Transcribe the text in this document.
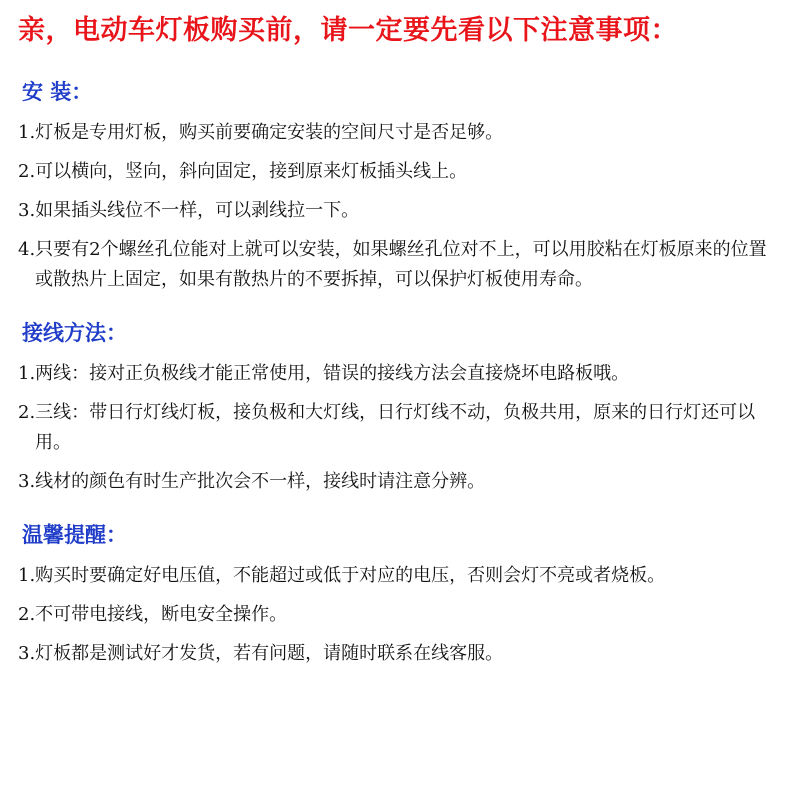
亲，电动车灯板购买前，请一定要先看以下注意事项：
安 装：
1.灯板是专用灯板，购买前要确定安装的空间尺寸是否足够。
2.可以横向，竖向，斜向固定，接到原来灯板插头线上。
3.如果插头线位不一样，可以剥线拉一下。
4.只要有2个螺丝孔位能对上就可以安装，如果螺丝孔位对不上，可以用胶粘在灯板原来的位置或散热片上固定，如果有散热片的不要拆掉，可以保护灯板使用寿命。
接线方法：
1.两线：接对正负极线才能正常使用，错误的接线方法会直接烧坏电路板哦。
2.三线：带日行灯线灯板，接负极和大灯线，日行灯线不动，负极共用，原来的日行灯还可以用。
3.线材的颜色有时生产批次会不一样，接线时请注意分辨。
温馨提醒：
1.购买时要确定好电压值，不能超过或低于对应的电压，否则会灯不亮或者烧板。
2.不可带电接线，断电安全操作。
3.灯板都是测试好才发货，若有问题，请随时联系在线客服。
